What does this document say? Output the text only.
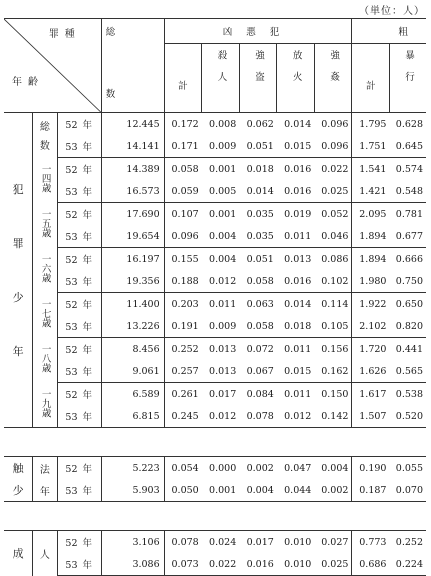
（単位：人）
罪種
年齢			総
数	凶悪犯					粗	

				計	殺人	強盗	放火	強姦	計	暴行

犯
罪
少
年	総
数	52 年	12.445	0.172	0.008	0.062	0.014	0.096	1.795	0.628
		53 年	14.141	0.171	0.009	0.051	0.015	0.096	1.751	0.645
	一四歳	52 年	14.389	0.058	0.001	0.018	0.016	0.022	1.541	0.574
		53 年	16.573	0.059	0.005	0.014	0.016	0.025	1.421	0.548
	一五歳	52 年	17.690	0.107	0.001	0.035	0.019	0.052	2.095	0.781
		53 年	19.654	0.096	0.004	0.035	0.011	0.046	1.894	0.677
	一六歳	52 年	16.197	0.155	0.004	0.051	0.013	0.086	1.894	0.666
		53 年	19.356	0.188	0.012	0.058	0.016	0.102	1.980	0.750
	一七歳	52 年	11.400	0.203	0.011	0.063	0.014	0.114	1.922	0.650
		53 年	13.226	0.191	0.009	0.058	0.018	0.105	2.102	0.820
	一八歳	52 年	8.456	0.252	0.013	0.072	0.011	0.156	1.720	0.441
		53 年	9.061	0.257	0.013	0.067	0.015	0.162	1.626	0.565
	一九歳	52 年	6.589	0.261	0.017	0.084	0.011	0.150	1.617	0.538
		53 年	6.815	0.245	0.012	0.078	0.012	0.142	1.507	0.520

触	法	52 年	5.223	0.054	0.000	0.002	0.047	0.004	0.190	0.055

少	年	53 年	5.903	0.050	0.001	0.004	0.044	0.002	0.187	0.070

成	人	52 年	3.106	0.078	0.024	0.017	0.010	0.027	0.773	0.252
		53 年	3.086	0.073	0.022	0.016	0.010	0.025	0.686	0.224
